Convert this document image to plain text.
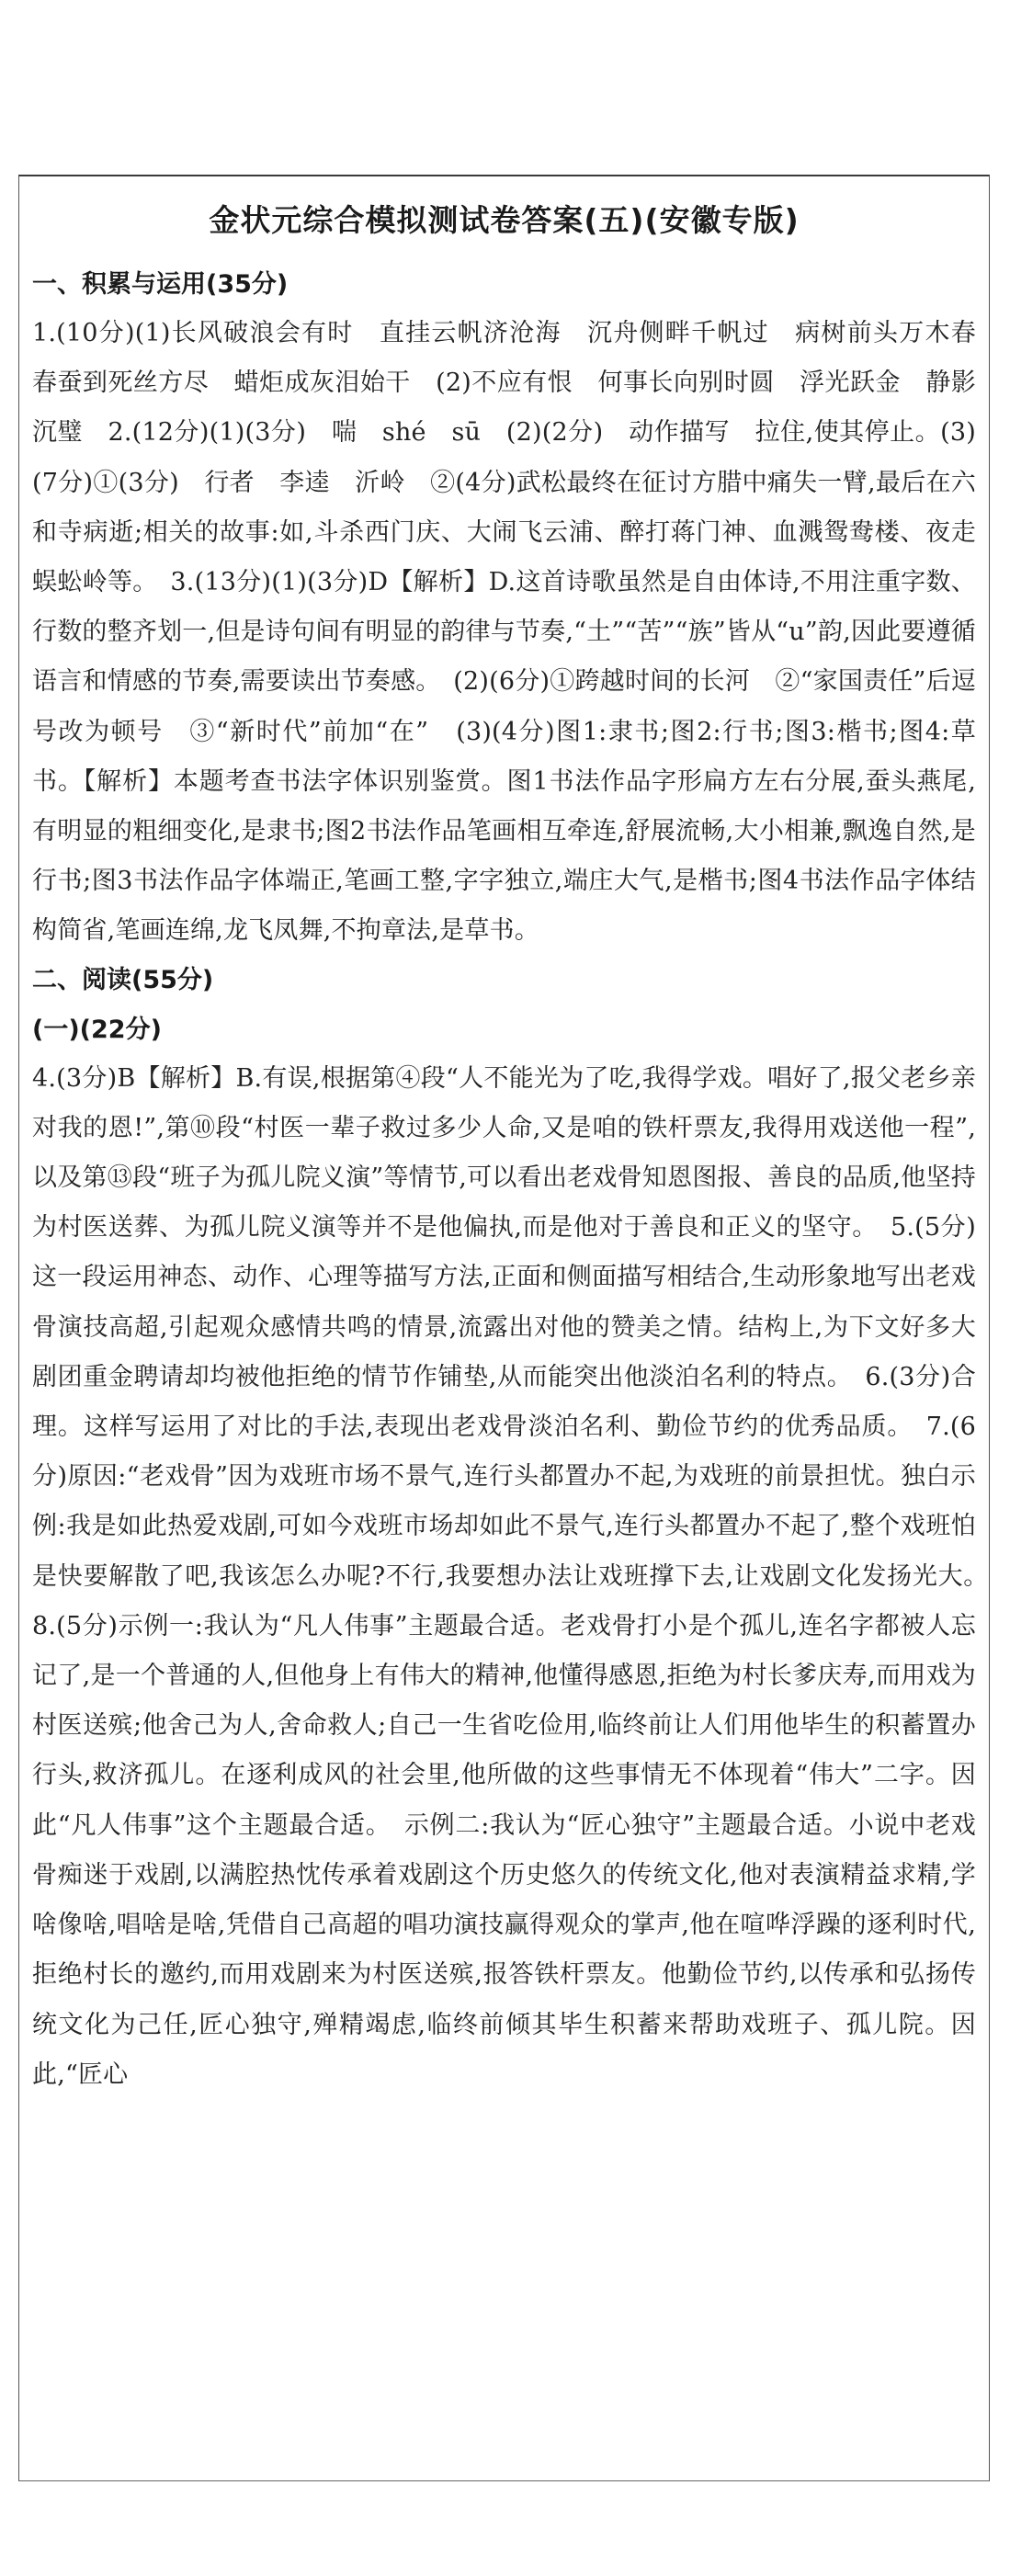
金状元综合模拟测试卷答案(五)(安徽专版)
一、积累与运用(35分)

1.(10分)(1)长风破浪会有时　直挂云帆济沧海　沉舟侧畔千帆过　病树前头万木春　春蚕到死丝方尽　蜡炬成灰泪始干　(2)不应有恨　何事长向别时圆　浮光跃金　静影沉璧　2.(12分)(1)(3分)　喘　shé　sū　(2)(2分)　动作描写　拉住,使其停止。(3)(7分)①(3分)　行者　李逵　沂岭　②(4分)武松最终在征讨方腊中痛失一臂,最后在六和寺病逝;相关的故事:如,斗杀西门庆、大闹飞云浦、醉打蒋门神、血溅鸳鸯楼、夜走蜈蚣岭等。　3.(13分)(1)(3分)D【解析】D.这首诗歌虽然是自由体诗,不用注重字数、行数的整齐划一,但是诗句间有明显的韵律与节奏,“土”“苦”“族”皆从“u”韵,因此要遵循语言和情感的节奏,需要读出节奏感。　(2)(6分)①跨越时间的长河　②“家国责任”后逗号改为顿号　③“新时代”前加“在”　(3)(4分)图1:隶书;图2:行书;图3:楷书;图4:草书。【解析】本题考查书法字体识别鉴赏。图1书法作品字形扁方左右分展,蚕头燕尾,有明显的粗细变化,是隶书;图2书法作品笔画相互牵连,舒展流畅,大小相兼,飘逸自然,是行书;图3书法作品字体端正,笔画工整,字字独立,端庄大气,是楷书;图4书法作品字体结构简省,笔画连绵,龙飞凤舞,不拘章法,是草书。

二、阅读(55分)
(一)(22分)

4.(3分)B【解析】B.有误,根据第④段“人不能光为了吃,我得学戏。唱好了,报父老乡亲对我的恩!”,第⑩段“村医一辈子救过多少人命,又是咱的铁杆票友,我得用戏送他一程”,以及第⑬段“班子为孤儿院义演”等情节,可以看出老戏骨知恩图报、善良的品质,他坚持为村医送葬、为孤儿院义演等并不是他偏执,而是他对于善良和正义的坚守。　5.(5分)这一段运用神态、动作、心理等描写方法,正面和侧面描写相结合,生动形象地写出老戏骨演技高超,引起观众感情共鸣的情景,流露出对他的赞美之情。结构上,为下文好多大剧团重金聘请却均被他拒绝的情节作铺垫,从而能突出他淡泊名利的特点。　6.(3分)合理。这样写运用了对比的手法,表现出老戏骨淡泊名利、勤俭节约的优秀品质。　7.(6分)原因:“老戏骨”因为戏班市场不景气,连行头都置办不起,为戏班的前景担忧。独白示例:我是如此热爱戏剧,可如今戏班市场却如此不景气,连行头都置办不起了,整个戏班怕是快要解散了吧,我该怎么办呢?不行,我要想办法让戏班撑下去,让戏剧文化发扬光大。　8.(5分)示例一:我认为“凡人伟事”主题最合适。老戏骨打小是个孤儿,连名字都被人忘记了,是一个普通的人,但他身上有伟大的精神,他懂得感恩,拒绝为村长爹庆寿,而用戏为村医送殡;他舍己为人,舍命救人;自己一生省吃俭用,临终前让人们用他毕生的积蓄置办行头,救济孤儿。在逐利成风的社会里,他所做的这些事情无不体现着“伟大”二字。因此“凡人伟事”这个主题最合适。　示例二:我认为“匠心独守”主题最合适。小说中老戏骨痴迷于戏剧,以满腔热忱传承着戏剧这个历史悠久的传统文化,他对表演精益求精,学啥像啥,唱啥是啥,凭借自己高超的唱功演技赢得观众的掌声,他在喧哗浮躁的逐利时代,拒绝村长的邀约,而用戏剧来为村医送殡,报答铁杆票友。他勤俭节约,以传承和弘扬传统文化为己任,匠心独守,殚精竭虑,临终前倾其毕生积蓄来帮助戏班子、孤儿院。因此,“匠心
